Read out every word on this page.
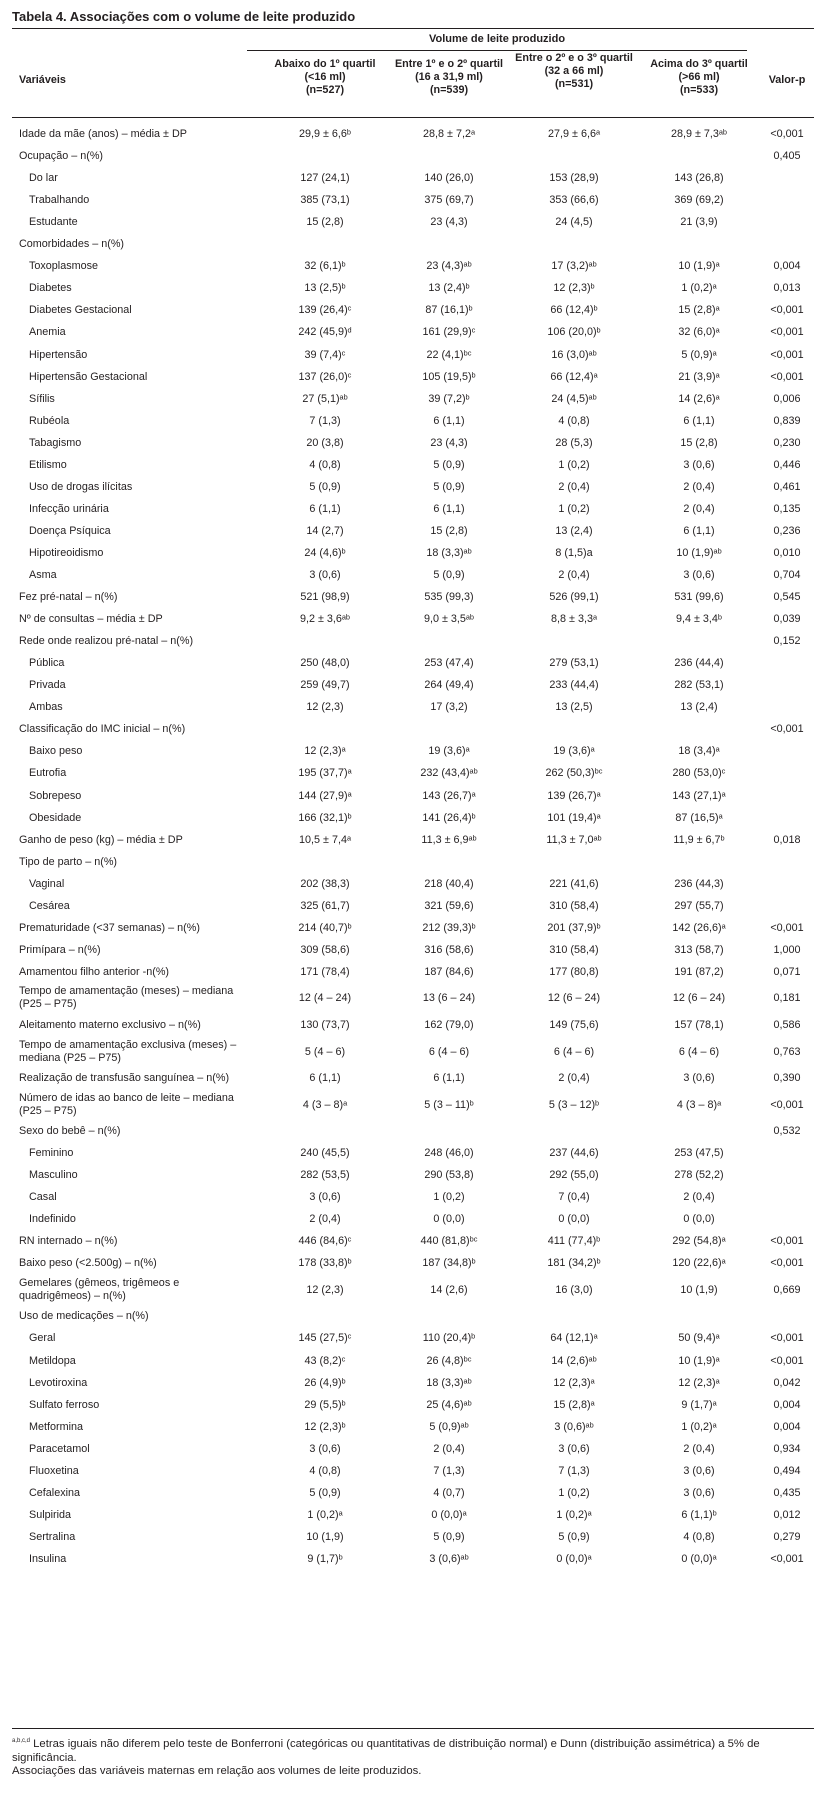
Tabela 4. Associações com o volume de leite produzido
Volume de leite produzido
Variáveis
Abaixo do 1º quartil
(<16 ml)
(n=527)
Entre 1º e o 2º quartil
(16 a 31,9 ml)
(n=539)
Entre o 2º e o 3º quartil
(32 a 66 ml)
(n=531)
Acima do 3º quartil
(>66 ml)
(n=533)
Valor-p
Idade da mãe (anos) – média ± DP	29,9 ± 6,6ᵇ	28,8 ± 7,2ᵃ	27,9 ± 6,6ᵃ	28,9 ± 7,3ᵃᵇ	<0,001
Ocupação – n(%)	0,405
Do lar	127 (24,1)	140 (26,0)	153 (28,9)	143 (26,8)
Trabalhando	385 (73,1)	375 (69,7)	353 (66,6)	369 (69,2)
Estudante	15 (2,8)	23 (4,3)	24 (4,5)	21 (3,9)
Comorbidades – n(%)
Toxoplasmose	32 (6,1)ᵇ	23 (4,3)ᵃᵇ	17 (3,2)ᵃᵇ	10 (1,9)ᵃ	0,004
Diabetes	13 (2,5)ᵇ	13 (2,4)ᵇ	12 (2,3)ᵇ	1 (0,2)ᵃ	0,013
Diabetes Gestacional	139 (26,4)ᶜ	87 (16,1)ᵇ	66 (12,4)ᵇ	15 (2,8)ᵃ	<0,001
Anemia	242 (45,9)ᵈ	161 (29,9)ᶜ	106 (20,0)ᵇ	32 (6,0)ᵃ	<0,001
Hipertensão	39 (7,4)ᶜ	22 (4,1)ᵇᶜ	16 (3,0)ᵃᵇ	5 (0,9)ᵃ	<0,001
Hipertensão Gestacional	137 (26,0)ᶜ	105 (19,5)ᵇ	66 (12,4)ᵃ	21 (3,9)ᵃ	<0,001
Sífilis	27 (5,1)ᵃᵇ	39 (7,2)ᵇ	24 (4,5)ᵃᵇ	14 (2,6)ᵃ	0,006
Rubéola	7 (1,3)	6 (1,1)	4 (0,8)	6 (1,1)	0,839
Tabagismo	20 (3,8)	23 (4,3)	28 (5,3)	15 (2,8)	0,230
Etilismo	4 (0,8)	5 (0,9)	1 (0,2)	3 (0,6)	0,446
Uso de drogas ilícitas	5 (0,9)	5 (0,9)	2 (0,4)	2 (0,4)	0,461
Infecção urinária	6 (1,1)	6 (1,1)	1 (0,2)	2 (0,4)	0,135
Doença Psíquica	14 (2,7)	15 (2,8)	13 (2,4)	6 (1,1)	0,236
Hipotireoidismo	24 (4,6)ᵇ	18 (3,3)ᵃᵇ	8 (1,5)a	10 (1,9)ᵃᵇ	0,010
Asma	3 (0,6)	5 (0,9)	2 (0,4)	3 (0,6)	0,704
Fez pré-natal – n(%)	521 (98,9)	535 (99,3)	526 (99,1)	531 (99,6)	0,545
Nº de consultas – média ± DP	9,2 ± 3,6ᵃᵇ	9,0 ± 3,5ᵃᵇ	8,8 ± 3,3ᵃ	9,4 ± 3,4ᵇ	0,039
Rede onde realizou pré-natal – n(%)	0,152
Pública	250 (48,0)	253 (47,4)	279 (53,1)	236 (44,4)
Privada	259 (49,7)	264 (49,4)	233 (44,4)	282 (53,1)
Ambas	12 (2,3)	17 (3,2)	13 (2,5)	13 (2,4)
Classificação do IMC inicial – n(%)	<0,001
Baixo peso	12 (2,3)ᵃ	19 (3,6)ᵃ	19 (3,6)ᵃ	18 (3,4)ᵃ
Eutrofia	195 (37,7)ᵃ	232 (43,4)ᵃᵇ	262 (50,3)ᵇᶜ	280 (53,0)ᶜ
Sobrepeso	144 (27,9)ᵃ	143 (26,7)ᵃ	139 (26,7)ᵃ	143 (27,1)ᵃ
Obesidade	166 (32,1)ᵇ	141 (26,4)ᵇ	101 (19,4)ᵃ	87 (16,5)ᵃ
Ganho de peso (kg) – média ± DP	10,5 ± 7,4ᵃ	11,3 ± 6,9ᵃᵇ	11,3 ± 7,0ᵃᵇ	11,9 ± 6,7ᵇ	0,018
Tipo de parto – n(%)
Vaginal	202 (38,3)	218 (40,4)	221 (41,6)	236 (44,3)
Cesárea	325 (61,7)	321 (59,6)	310 (58,4)	297 (55,7)
Prematuridade (<37 semanas) – n(%)	214 (40,7)ᵇ	212 (39,3)ᵇ	201 (37,9)ᵇ	142 (26,6)ᵃ	<0,001
Primípara – n(%)	309 (58,6)	316 (58,6)	310 (58,4)	313 (58,7)	1,000
Amamentou filho anterior -n(%)	171 (78,4)	187 (84,6)	177 (80,8)	191 (87,2)	0,071
Tempo de amamentação (meses) – mediana (P25 – P75)	12 (4 – 24)	13 (6 – 24)	12 (6 – 24)	12 (6 – 24)	0,181
Aleitamento materno exclusivo – n(%)	130 (73,7)	162 (79,0)	149 (75,6)	157 (78,1)	0,586
Tempo de amamentação exclusiva (meses) – mediana (P25 – P75)	5 (4 – 6)	6 (4 – 6)	6 (4 – 6)	6 (4 – 6)	0,763
Realização de transfusão sanguínea – n(%)	6 (1,1)	6 (1,1)	2 (0,4)	3 (0,6)	0,390
Número de idas ao banco de leite – mediana (P25 – P75)	4 (3 – 8)ᵃ	5 (3 – 11)ᵇ	5 (3 – 12)ᵇ	4 (3 – 8)ᵃ	<0,001
Sexo do bebê – n(%)	0,532
Feminino	240 (45,5)	248 (46,0)	237 (44,6)	253 (47,5)
Masculino	282 (53,5)	290 (53,8)	292 (55,0)	278 (52,2)
Casal	3 (0,6)	1 (0,2)	7 (0,4)	2 (0,4)
Indefinido	2 (0,4)	0 (0,0)	0 (0,0)	0 (0,0)
RN internado – n(%)	446 (84,6)ᶜ	440 (81,8)ᵇᶜ	411 (77,4)ᵇ	292 (54,8)ᵃ	<0,001
Baixo peso (<2.500g) – n(%)	178 (33,8)ᵇ	187 (34,8)ᵇ	181 (34,2)ᵇ	120 (22,6)ᵃ	<0,001
Gemelares (gêmeos, trigêmeos e quadrigêmeos) – n(%)	12 (2,3)	14 (2,6)	16 (3,0)	10 (1,9)	0,669
Uso de medicações – n(%)
Geral	145 (27,5)ᶜ	110 (20,4)ᵇ	64 (12,1)ᵃ	50 (9,4)ᵃ	<0,001
Metildopa	43 (8,2)ᶜ	26 (4,8)ᵇᶜ	14 (2,6)ᵃᵇ	10 (1,9)ᵃ	<0,001
Levotiroxina	26 (4,9)ᵇ	18 (3,3)ᵃᵇ	12 (2,3)ᵃ	12 (2,3)ᵃ	0,042
Sulfato ferroso	29 (5,5)ᵇ	25 (4,6)ᵃᵇ	15 (2,8)ᵃ	9 (1,7)ᵃ	0,004
Metformina	12 (2,3)ᵇ	5 (0,9)ᵃᵇ	3 (0,6)ᵃᵇ	1 (0,2)ᵃ	0,004
Paracetamol	3 (0,6)	2 (0,4)	3 (0,6)	2 (0,4)	0,934
Fluoxetina	4 (0,8)	7 (1,3)	7 (1,3)	3 (0,6)	0,494
Cefalexina	5 (0,9)	4 (0,7)	1 (0,2)	3 (0,6)	0,435
Sulpirida	1 (0,2)ᵃ	0 (0,0)ᵃ	1 (0,2)ᵃ	6 (1,1)ᵇ	0,012
Sertralina	10 (1,9)	5 (0,9)	5 (0,9)	4 (0,8)	0,279
Insulina	9 (1,7)ᵇ	3 (0,6)ᵃᵇ	0 (0,0)ᵃ	0 (0,0)ᵃ	<0,001
$^{a,b,c,d}$ Letras iguais não diferem pelo teste de Bonferroni (categóricas ou quantitativas de distribuição normal) e Dunn (distribuição assimétrica) a 5% de significância.
Associações das variáveis maternas em relação aos volumes de leite produzidos.
